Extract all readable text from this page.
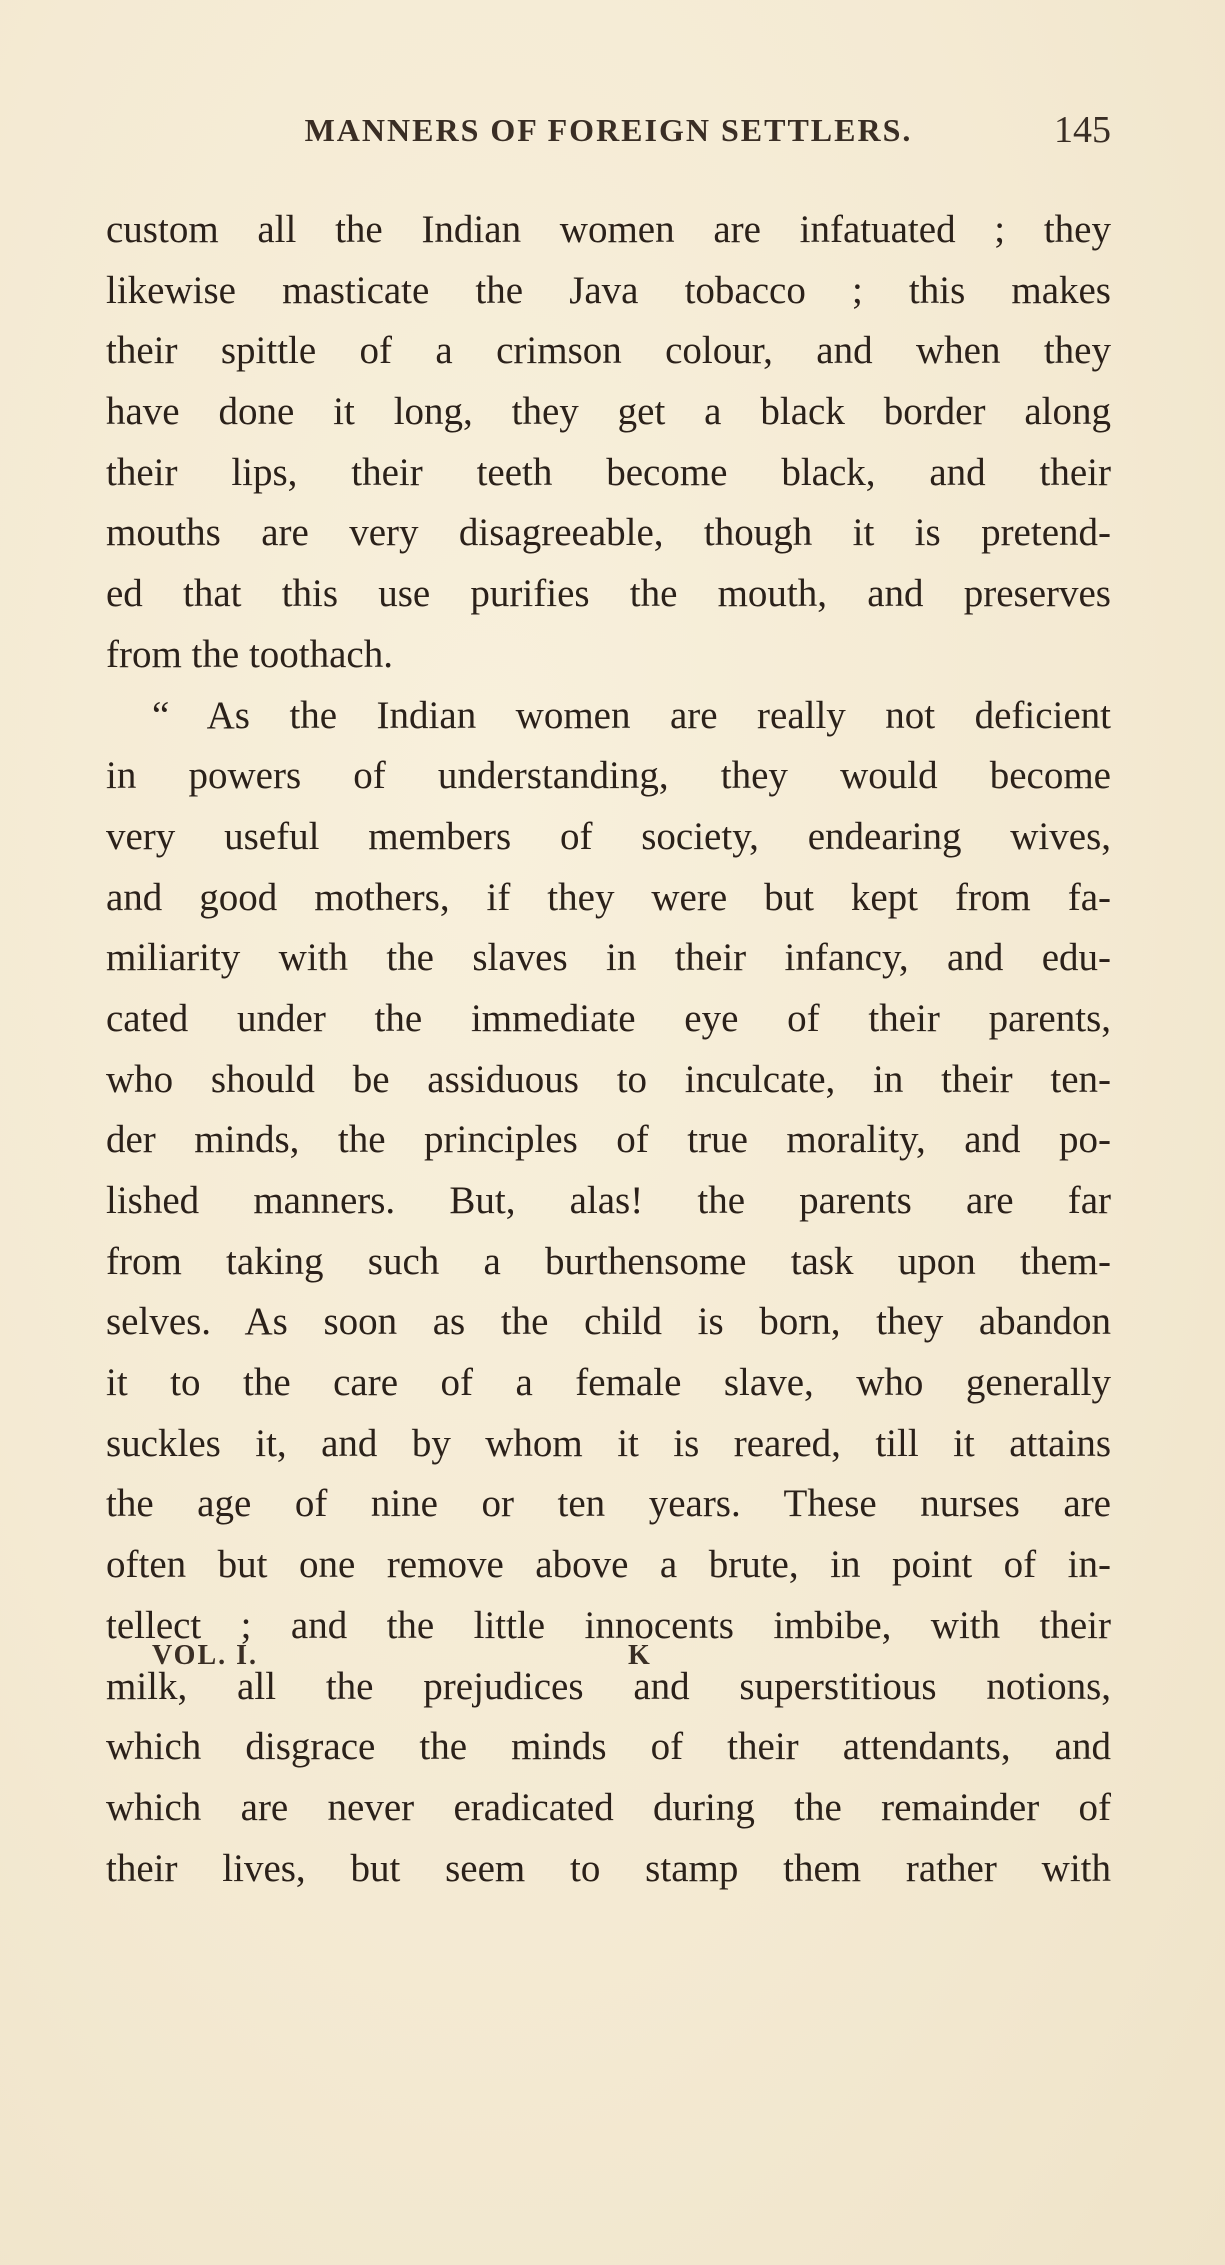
MANNERS OF FOREIGN SETTLERS.	145
custom all the Indian women are infatuated ; they
likewise masticate the Java tobacco ; this makes
their spittle of a crimson colour, and when they
have done it long, they get a black border along
their lips, their teeth become black, and their
mouths are very disagreeable, though it is pretend-
ed that this use purifies the mouth, and preserves
from the toothach.
“ As the Indian women are really not deficient
in powers of understanding, they would become
very useful members of society, endearing wives,
and good mothers, if they were but kept from fa-
miliarity with the slaves in their infancy, and edu-
cated under the immediate eye of their parents,
who should be assiduous to inculcate, in their ten-
der minds, the principles of true morality, and po-
lished manners. But, alas! the parents are far
from taking such a burthensome task upon them-
selves. As soon as the child is born, they abandon
it to the care of a female slave, who generally
suckles it, and by whom it is reared, till it attains
the age of nine or ten years. These nurses are
often but one remove above a brute, in point of in-
tellect ; and the little innocents imbibe, with their
milk, all the prejudices and superstitious notions,
which disgrace the minds of their attendants, and
which are never eradicated during the remainder of
their lives, but seem to stamp them rather with
VOL. I.	K
